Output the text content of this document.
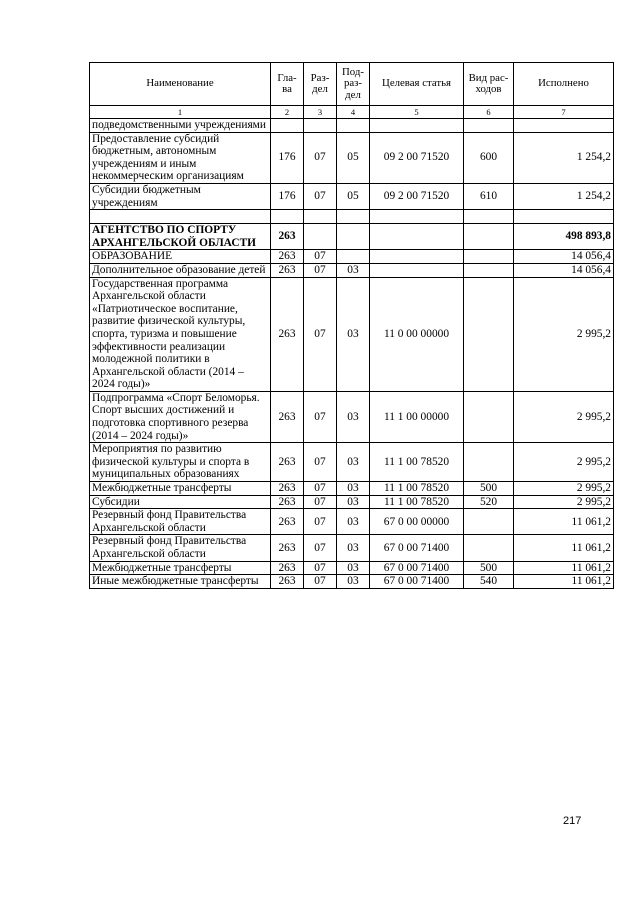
Наименование	Гла-ва	Раз-дел	Под-раз-дел	Целевая статья	Вид рас-ходов	Исполнено
1	2	3	4	5	6	7
подведомственными учреждениями						
Предоставление субсидий бюджетным, автономным учреждениям и иным некоммерческим организациям	176	07	05	09 2 00 71520	600	1 254,2
Субсидии бюджетным учреждениям	176	07	05	09 2 00 71520	610	1 254,2

АГЕНТСТВО ПО СПОРТУ АРХАНГЕЛЬСКОЙ ОБЛАСТИ	263					498 893,8
ОБРАЗОВАНИЕ	263	07				14 056,4
Дополнительное образование детей	263	07	03			14 056,4
Государственная программа Архангельской области «Патриотическое воспитание, развитие физической культуры, спорта, туризма и повышение эффективности реализации молодежной политики в Архангельской области (2014 – 2024 годы)»	263	07	03	11 0 00 00000		2 995,2
Подпрограмма «Спорт Беломорья. Спорт высших достижений и подготовка спортивного резерва (2014 – 2024 годы)»	263	07	03	11 1 00 00000		2 995,2
Мероприятия по развитию физической культуры и спорта в муниципальных образованиях	263	07	03	11 1 00 78520		2 995,2
Межбюджетные трансферты	263	07	03	11 1 00 78520	500	2 995,2
Субсидии	263	07	03	11 1 00 78520	520	2 995,2
Резервный фонд Правительства Архангельской области	263	07	03	67 0 00 00000		11 061,2
Резервный фонд Правительства Архангельской области	263	07	03	67 0 00 71400		11 061,2
Межбюджетные трансферты	263	07	03	67 0 00 71400	500	11 061,2
Иные межбюджетные трансферты	263	07	03	67 0 00 71400	540	11 061,2
217
